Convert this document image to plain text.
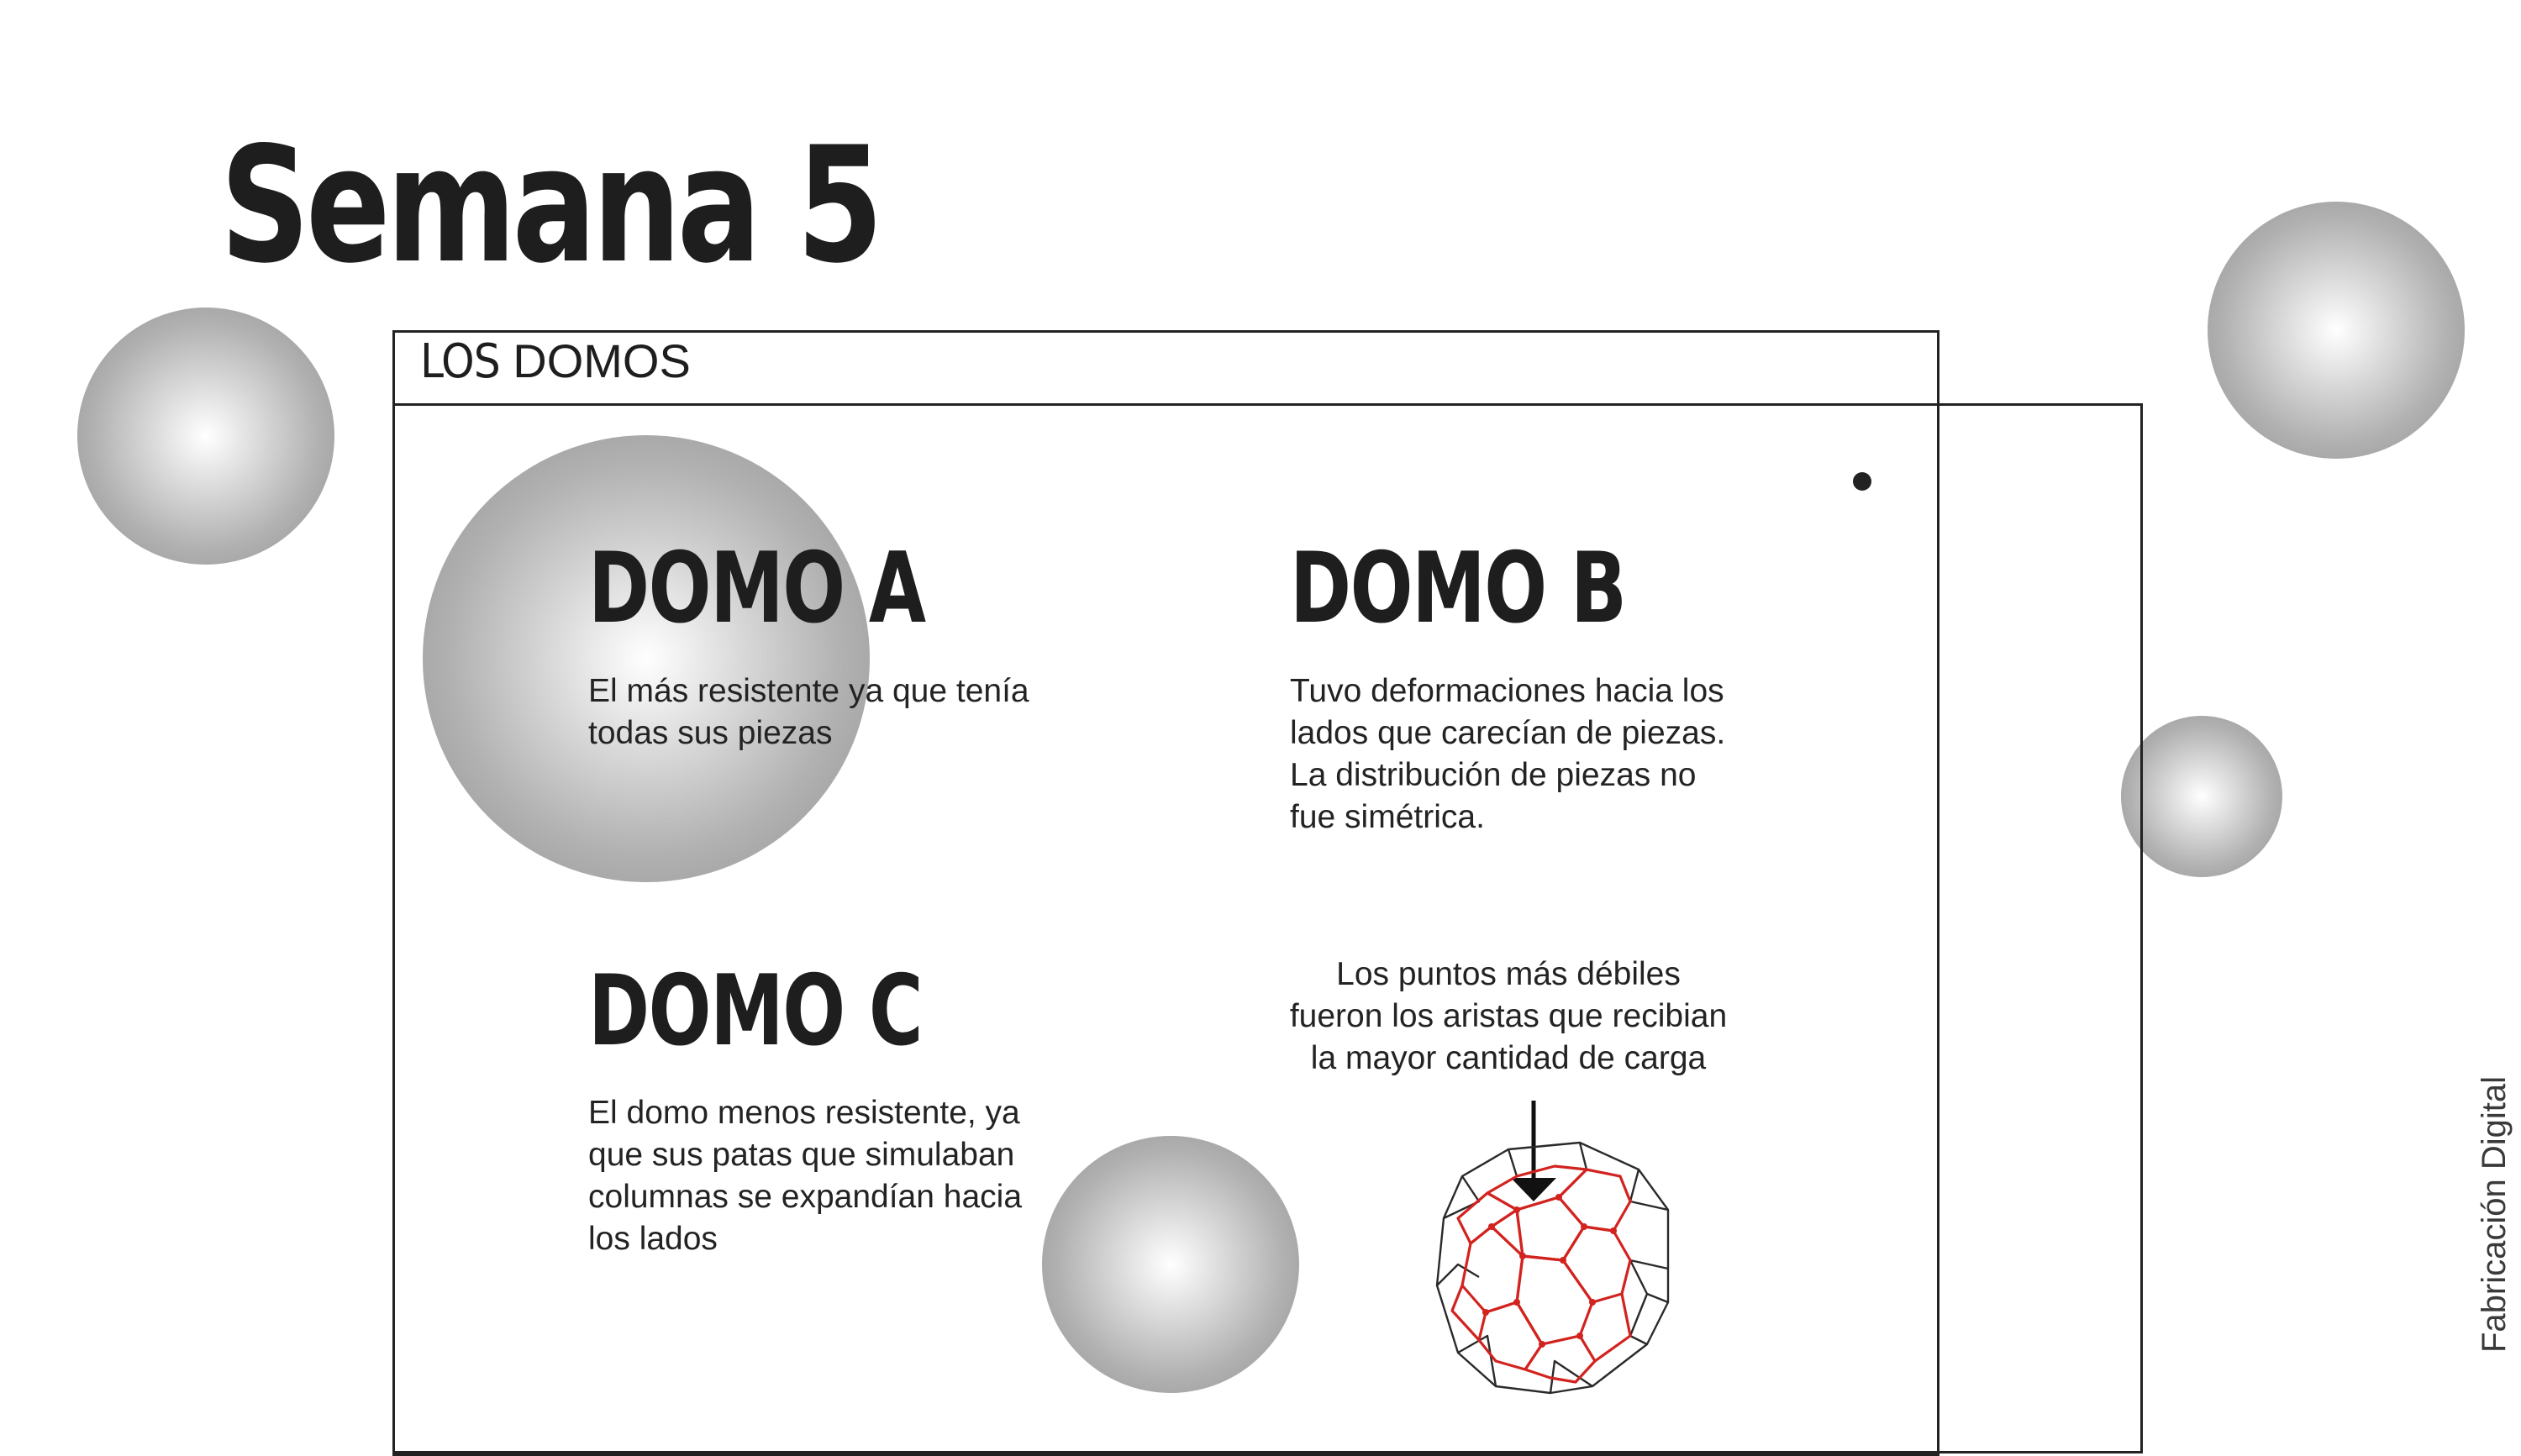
Semana 5
LOS DOMOS
DOMO A

El más resistente ya que tenía
todas sus piezas

DOMO B

Tuvo deformaciones hacia los
lados que carecían de piezas.
La distribución de piezas no
fue simétrica.

DOMO C

El domo menos resistente, ya
que sus patas que simulaban
columnas se expandían hacia
los lados

Los puntos más débiles
fueron los aristas que recibian
la mayor cantidad de carga

Fabricación Digital
